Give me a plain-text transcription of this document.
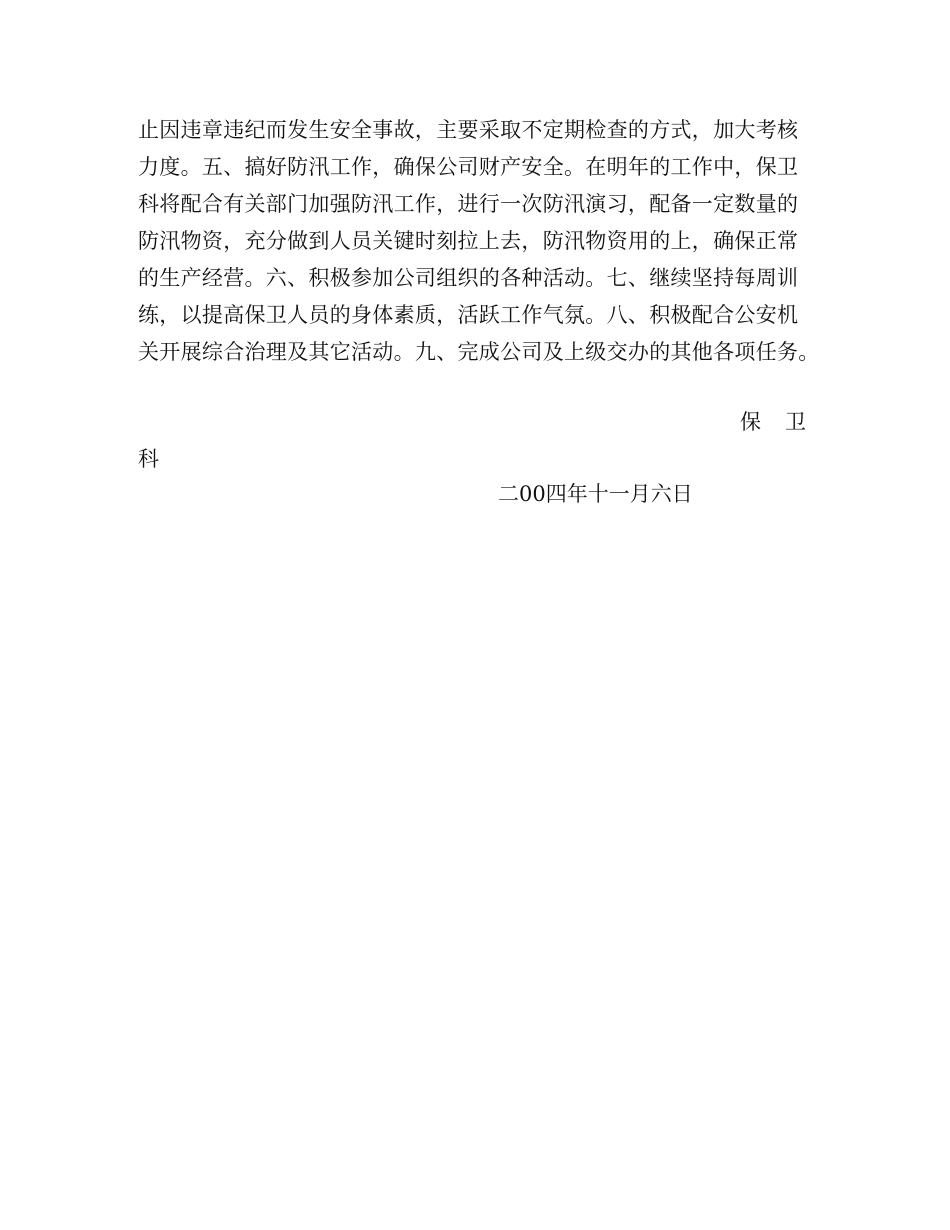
止因违章违纪而发生安全事故，主要采取不定期检查的方式，加大考核
力度。五、搞好防汛工作，确保公司财产安全。在明年的工作中，保卫
科将配合有关部门加强防汛工作，进行一次防汛演习，配备一定数量的
防汛物资，充分做到人员关键时刻拉上去，防汛物资用的上，确保正常
的生产经营。六、积极参加公司组织的各种活动。七、继续坚持每周训
练，以提高保卫人员的身体素质，活跃工作气氛。八、积极配合公安机
关开展综合治理及其它活动。九、完成公司及上级交办的其他各项任务。
保卫
科
二00四年十一月六日
